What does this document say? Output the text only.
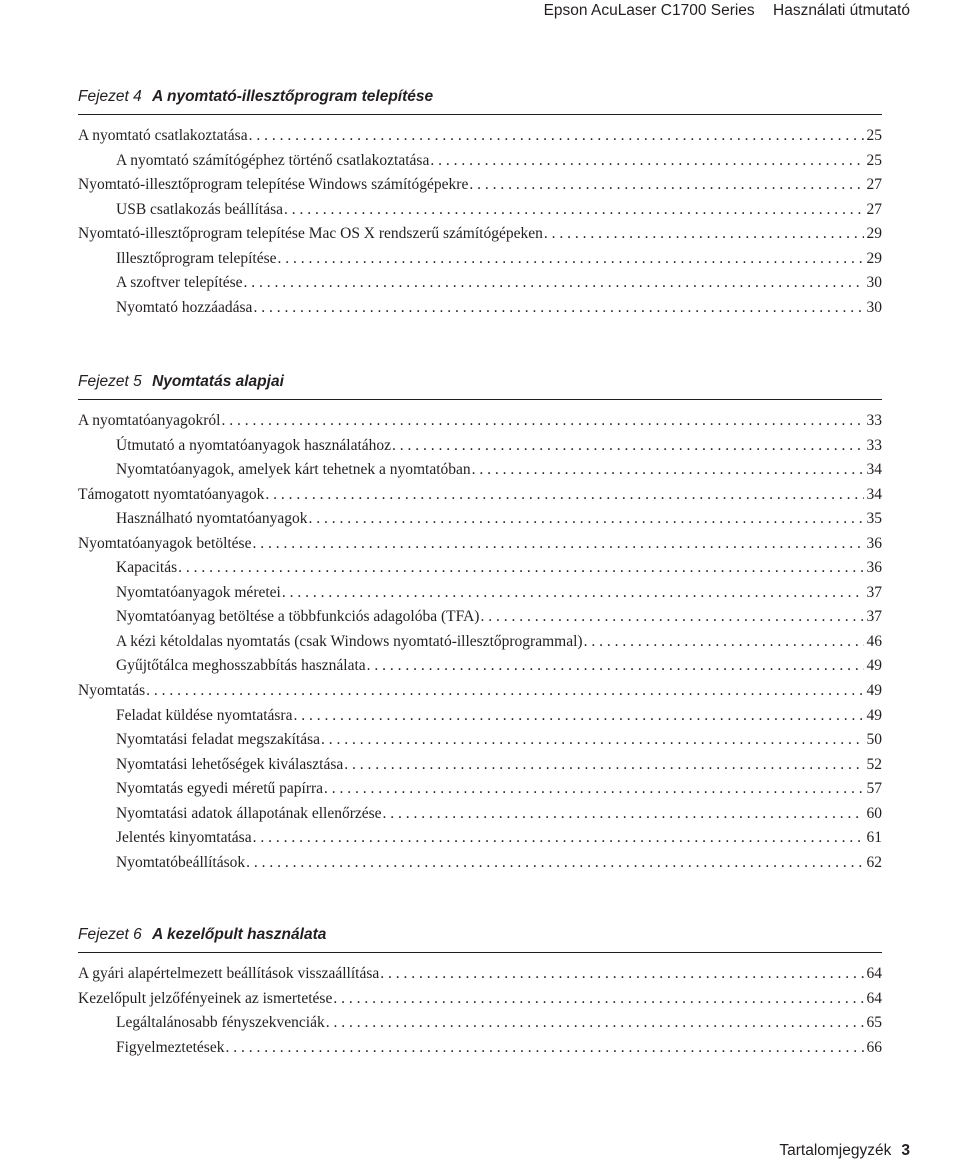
Epson AcuLaser C1700 Series Használati útmutató
Fejezet 4 A nyomtató-illesztőprogram telepítése
A nyomtató csatlakoztatása . . .	25
A nyomtató számítógéphez történő csatlakoztatása . . .	25
Nyomtató-illesztőprogram telepítése Windows számítógépekre . . .	27
USB csatlakozás beállítása . . .	27
Nyomtató-illesztőprogram telepítése Mac OS X rendszerű számítógépeken . . .	29
Illesztőprogram telepítése . . .	29
A szoftver telepítése . . .	30
Nyomtató hozzáadása . . .	30
Fejezet 5 Nyomtatás alapjai
A nyomtatóanyagokról . . .	33
Útmutató a nyomtatóanyagok használatához . . .	33
Nyomtatóanyagok, amelyek kárt tehetnek a nyomtatóban . . .	34
Támogatott nyomtatóanyagok . . .	34
Használható nyomtatóanyagok . . .	35
Nyomtatóanyagok betöltése . . .	36
Kapacitás . . .	36
Nyomtatóanyagok méretei . . .	37
Nyomtatóanyag betöltése a többfunkciós adagolóba (TFA) . . .	37
A kézi kétoldalas nyomtatás (csak Windows nyomtató-illesztőprogrammal) . . .	46
Gyűjtőtálca meghosszabbítás használata . . .	49
Nyomtatás . . .	49
Feladat küldése nyomtatásra . . .	49
Nyomtatási feladat megszakítása . . .	50
Nyomtatási lehetőségek kiválasztása . . .	52
Nyomtatás egyedi méretű papírra . . .	57
Nyomtatási adatok állapotának ellenőrzése . . .	60
Jelentés kinyomtatása . . .	61
Nyomtatóbeállítások . . .	62
Fejezet 6 A kezelőpult használata
A gyári alapértelmezett beállítások visszaállítása . . .	64
Kezelőpult jelzőfényeinek az ismertetése . . .	64
Legáltalánosabb fényszekvenciák . . .	65
Figyelmeztetések . . .	66
Tartalomjegyzék 3
